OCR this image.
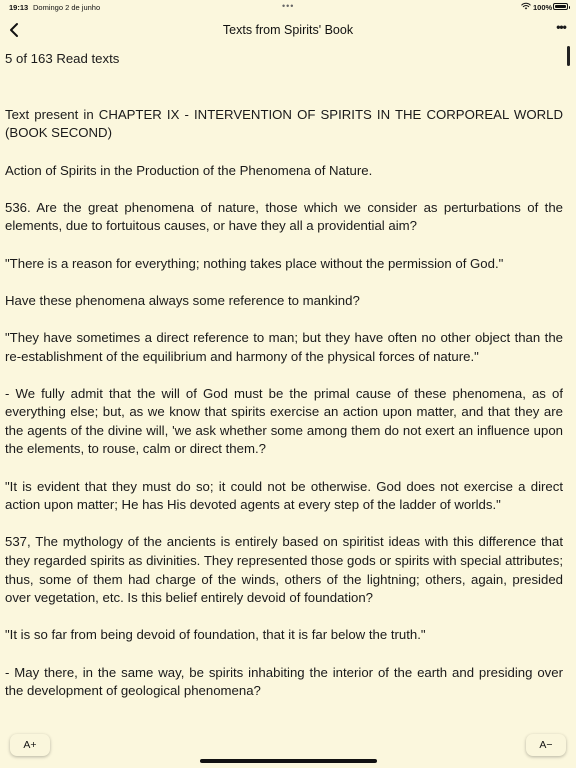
19:13 Domingo 2 de junho	•••	100%
Texts from Spirits' Book	•••

5 of 163 Read texts

Text present in CHAPTER IX - INTERVENTION OF SPIRITS IN THE CORPOREAL WORLD (BOOK SECOND)

Action of Spirits in the Production of the Phenomena of Nature.

536. Are the great phenomena of nature, those which we consider as perturbations of the elements, due to fortuitous causes, or have they all a providential aim?

"There is a reason for everything; nothing takes place without the permission of God."

Have these phenomena always some reference to mankind?

"They have sometimes a direct reference to man; but they have often no other object than the re-establishment of the equilibrium and harmony of the physical forces of nature."

- We fully admit that the will of God must be the primal cause of these phenomena, as of everything else; but, as we know that spirits exercise an action upon matter, and that they are the agents of the divine will, 'we ask whether some among them do not exert an influence upon the elements, to rouse, calm or direct them.?

"It is evident that they must do so; it could not be otherwise. God does not exercise a direct action upon matter; He has His devoted agents at every step of the ladder of worlds."

537, The mythology of the ancients is entirely based on spiritist ideas with this difference that they regarded spirits as divinities. They represented those gods or spirits with special attributes; thus, some of them had charge of the winds, others of the lightning; others, again, presided over vegetation, etc. Is this belief entirely devoid of foundation?

"It is so far from being devoid of foundation, that it is far below the truth."

- May there, in the same way, be spirits inhabiting the interior of the earth and presiding over the development of geological phenomena?

A+	A−
